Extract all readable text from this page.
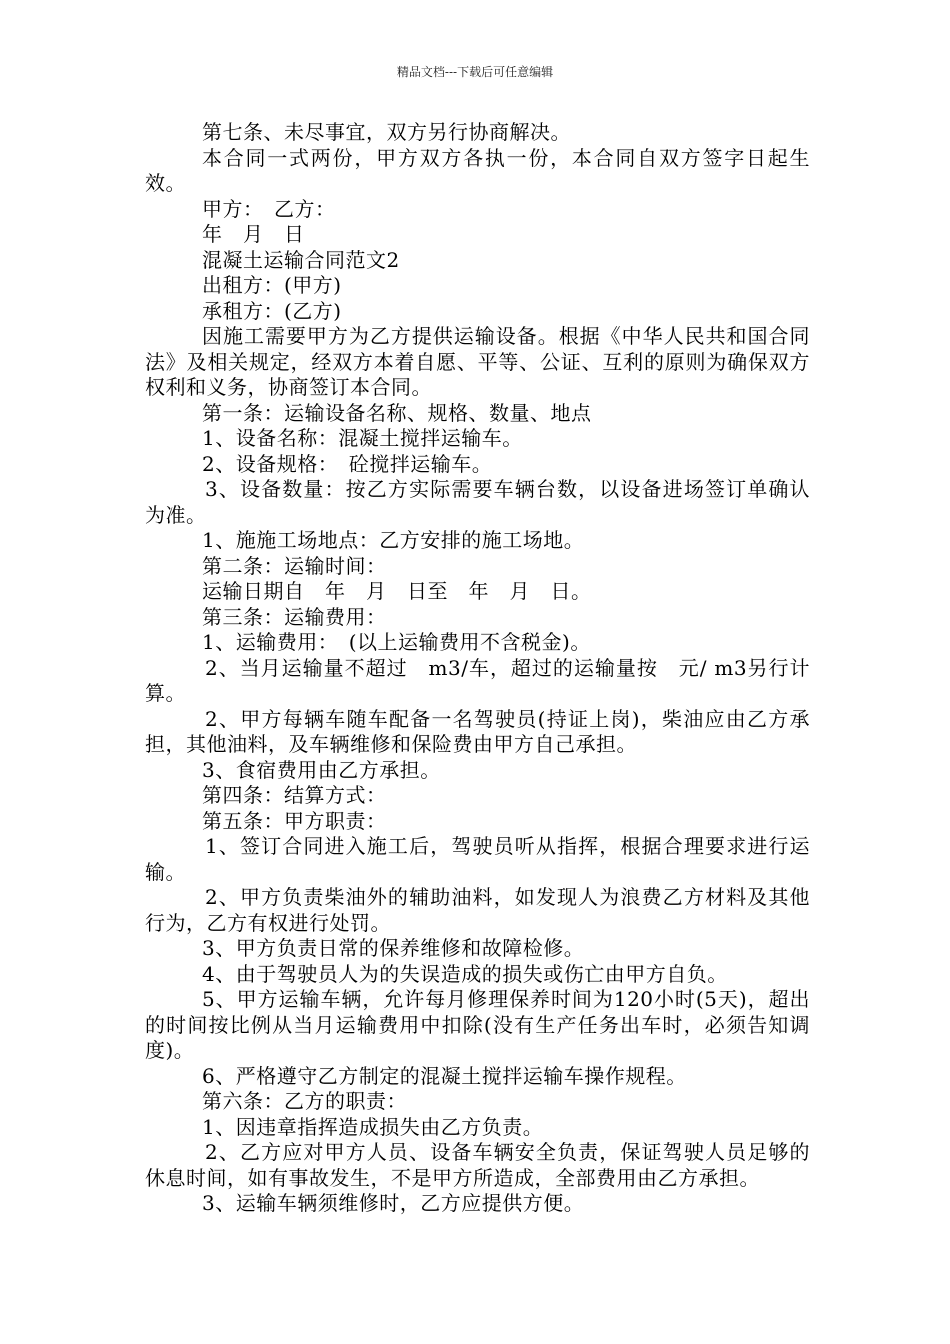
精品文档---下载后可任意编辑

第七条、未尽事宜，双方另行协商解决。

本合同一式两份，甲方双方各执一份，本合同自双方签字日起生效。

甲方：　乙方：

年　月　日

混凝土运输合同范文2

出租方：(甲方)

承租方：(乙方)

因施工需要甲方为乙方提供运输设备。根据《中华人民共和国合同法》及相关规定，经双方本着自愿、平等、公证、互利的原则为确保双方权利和义务，协商签订本合同。

第一条：运输设备名称、规格、数量、地点

1、设备名称：混凝土搅拌运输车。

2、设备规格：　砼搅拌运输车。

3、设备数量：按乙方实际需要车辆台数，以设备进场签订单确认为准。

1、施施工场地点：乙方安排的施工场地。

第二条：运输时间：

运输日期自　年　月　日至　年　月　日。

第三条：运输费用：

1、运输费用：　(以上运输费用不含税金)。

2、当月运输量不超过　m3/车，超过的运输量按　元/ m3另行计算。

2、甲方每辆车随车配备一名驾驶员(持证上岗)，柴油应由乙方承担，其他油料，及车辆维修和保险费由甲方自己承担。

3、食宿费用由乙方承担。

第四条：结算方式：

第五条：甲方职责：

1、签订合同进入施工后，驾驶员听从指挥，根据合理要求进行运输。

2、甲方负责柴油外的辅助油料，如发现人为浪费乙方材料及其他行为，乙方有权进行处罚。

3、甲方负责日常的保养维修和故障检修。

4、由于驾驶员人为的失误造成的损失或伤亡由甲方自负。

5、甲方运输车辆，允许每月修理保养时间为120小时(5天)，超出的时间按比例从当月运输费用中扣除(没有生产任务出车时，必须告知调度)。

6、严格遵守乙方制定的混凝土搅拌运输车操作规程。

第六条：乙方的职责：

1、因违章指挥造成损失由乙方负责。

2、乙方应对甲方人员、设备车辆安全负责，保证驾驶人员足够的休息时间，如有事故发生，不是甲方所造成，全部费用由乙方承担。

3、运输车辆须维修时，乙方应提供方便。
